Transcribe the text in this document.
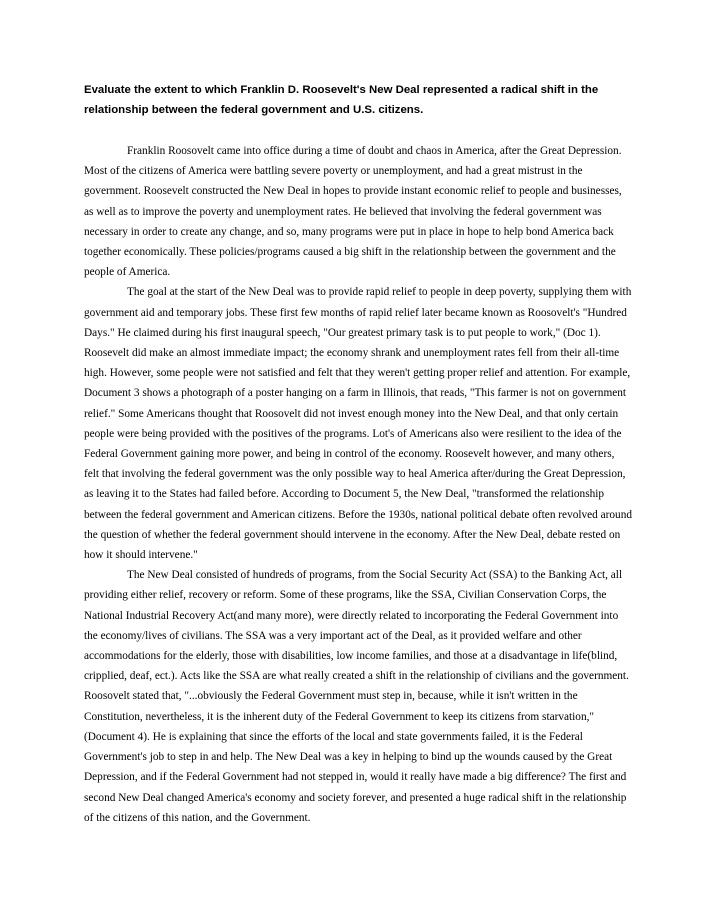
Evaluate the extent to which Franklin D. Roosevelt's New Deal represented a radical shift in the relationship between the federal government and U.S. citizens.

Franklin Roosovelt came into office during a time of doubt and chaos in America, after the Great Depression. Most of the citizens of America were battling severe poverty or unemployment, and had a great mistrust in the government. Roosevelt constructed the New Deal in hopes to provide instant economic relief to people and businesses, as well as to improve the poverty and unemployment rates. He believed that involving the federal government was necessary in order to create any change, and so, many programs were put in place in hope to help bond America back together economically. These policies/programs caused a big shift in the relationship between the government and the people of America.

The goal at the start of the New Deal was to provide rapid relief to people in deep poverty, supplying them with government aid and temporary jobs. These first few months of rapid relief later became known as Roosovelt's "Hundred Days." He claimed during his first inaugural speech, "Our greatest primary task is to put people to work," (Doc 1). Roosevelt did make an almost immediate impact; the economy shrank and unemployment rates fell from their all-time high. However, some people were not satisfied and felt that they weren't getting proper relief and attention. For example, Document 3 shows a photograph of a poster hanging on a farm in Illinois, that reads, "This farmer is not on government relief." Some Americans thought that Roosovelt did not invest enough money into the New Deal, and that only certain people were being provided with the positives of the programs. Lot's of Americans also were resilient to the idea of the Federal Government gaining more power, and being in control of the economy. Roosevelt however, and many others, felt that involving the federal government was the only possible way to heal America after/during the Great Depression, as leaving it to the States had failed before. According to Document 5, the New Deal, "transformed the relationship between the federal government and American citizens. Before the 1930s, national political debate often revolved around the question of whether the federal government should intervene in the economy. After the New Deal, debate rested on how it should intervene."

The New Deal consisted of hundreds of programs, from the Social Security Act (SSA) to the Banking Act, all providing either relief, recovery or reform. Some of these programs, like the SSA, Civilian Conservation Corps, the National Industrial Recovery Act(and many more), were directly related to incorporating the Federal Government into the economy/lives of civilians. The SSA was a very important act of the Deal, as it provided welfare and other accommodations for the elderly, those with disabilities, low income families, and those at a disadvantage in life(blind, cripplied, deaf, ect.). Acts like the SSA are what really created a shift in the relationship of civilians and the government. Roosovelt stated that, "...obviously the Federal Government must step in, because, while it isn't written in the Constitution, nevertheless, it is the inherent duty of the Federal Government to keep its citizens from starvation," (Document 4). He is explaining that since the efforts of the local and state governments failed, it is the Federal Government's job to step in and help. The New Deal was a key in helping to bind up the wounds caused by the Great Depression, and if the Federal Government had not stepped in, would it really have made a big difference? The first and second New Deal changed America's economy and society forever, and presented a huge radical shift in the relationship of the citizens of this nation, and the Government.
